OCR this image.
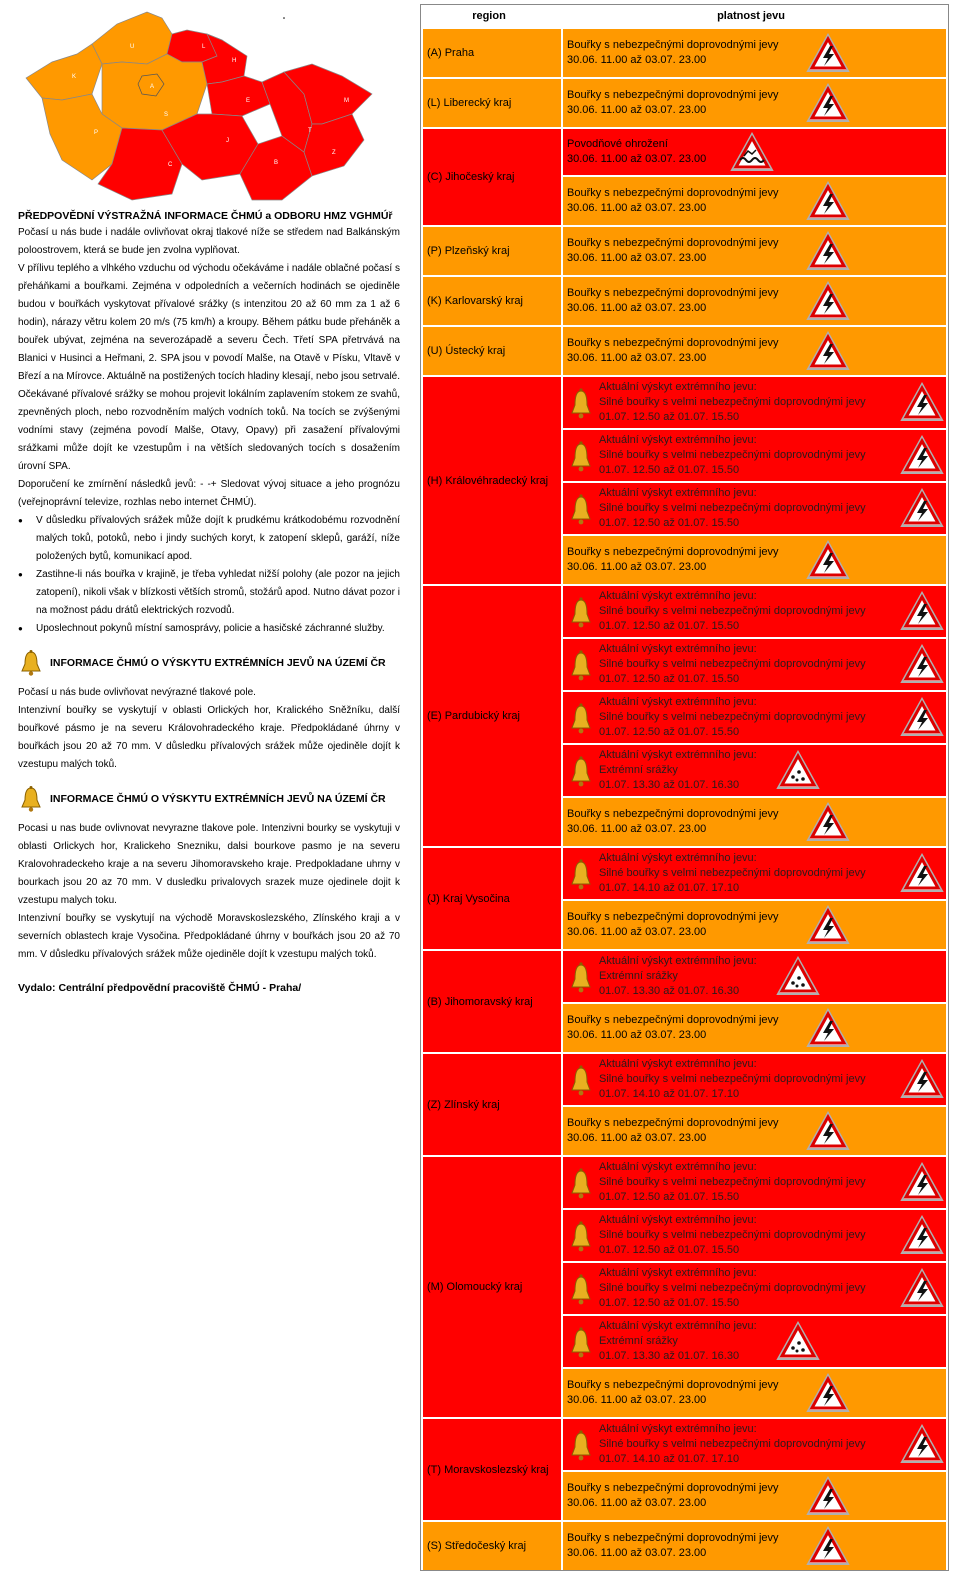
U
K
A
P
S
C
L
H
E
J
B
T
M
Z
PŘEDPOVĚDNÍ VÝSTRAŽNÁ INFORMACE ČHMÚ a ODBORU HMZ VGHMÚř

Počasí u nás bude i nadále ovlivňovat okraj tlakové níže se středem nad Balkánským poloostrovem, která se bude jen zvolna vyplňovat.

V přílivu teplého a vlhkého vzduchu od východu očekáváme i nadále oblačné počasí s přeháňkami a bouřkami. Zejména v odpoledních a večerních hodinách se ojediněle budou v bouřkách vyskytovat přívalové srážky (s intenzitou 20 až 60 mm za 1 až 6 hodin), nárazy větru kolem 20 m/s (75 km/h) a kroupy. Během pátku bude přeháněk a bouřek ubývat, zejména na severozápadě a severu Čech. Třetí SPA přetrvává na Blanici v Husinci a Heřmani, 2. SPA jsou v povodí Malše, na Otavě v Písku, Vltavě v Březí a na Mírovce. Aktuálně na postižených tocích hladiny klesají, nebo jsou setrvalé. Očekávané přívalové srážky se mohou projevit lokálním zaplavením stokem ze svahů, zpevněných ploch, nebo rozvodněním malých vodních toků. Na tocích se zvýšenými vodními stavy (zejména povodí Malše, Otavy, Opavy) při zasažení přívalovými srážkami může dojít ke vzestupům i na větších sledovaných tocích s dosažením úrovní SPA.

Doporučení ke zmírnění následků jevů: - -+ Sledovat vývoj situace a jeho prognózu (veřejnoprávní televize, rozhlas nebo internet ČHMÚ).

●
V důsledku přívalových srážek může dojít k prudkému krátkodobému rozvodnění malých toků, potoků, nebo i jindy suchých koryt, k zatopení sklepů, garáží, níže položených bytů, komunikací apod.
●
Zastihne-li nás bouřka v krajině, je třeba vyhledat nižší polohy (ale pozor na jejich zatopení), nikoli však v blízkosti větších stromů, stožárů apod. Nutno dávat pozor i na možnost pádu drátů elektrických rozvodů.
●
Uposlechnout pokynů místní samosprávy, policie a hasičské záchranné služby.
INFORMACE ČHMÚ O VÝSKYTU EXTRÉMNÍCH JEVŮ NA ÚZEMÍ ČR

Počasí u nás bude ovlivňovat nevýrazné tlakové pole.

Intenzivní bouřky se vyskytují v oblasti Orlických hor, Kralického Sněžníku, další bouřkové pásmo je na severu Královohradeckého kraje. Předpokládané úhrny v bouřkách jsou 20 až 70 mm. V důsledku přívalových srážek může ojediněle dojít k vzestupu malých toků.

INFORMACE ČHMÚ O VÝSKYTU EXTRÉMNÍCH JEVŮ NA ÚZEMÍ ČR

Pocasi u nas bude ovlivnovat nevyrazne tlakove pole. Intenzivni bourky se vyskytuji v oblasti Orlickych hor, Kralickeho Snezniku, dalsi bourkove pasmo je na severu Kralovohradeckeho kraje a na severu Jihomoravskeho kraje. Predpokladane uhrny v bourkach jsou 20 az 70 mm. V dusledku privalovych srazek muze ojedinele dojit k vzestupu malych toku.

Intenzivní bouřky se vyskytují na východě Moravskoslezského, Zlínského kraji a v severních oblastech kraje Vysočina. Předpokládané úhrny v bouřkách jsou 20 až 70 mm. V důsledku přívalových srážek může ojediněle dojít k vzestupu malých toků.

Vydalo: Centrální předpovědní pracoviště ČHMÚ - Praha/
region	platnost jevu
(A) Praha
Bouřky s nebezpečnými doprovodnými jevy
30.06. 11.00 až 03.07. 23.00
(L) Liberecký kraj
Bouřky s nebezpečnými doprovodnými jevy
30.06. 11.00 až 03.07. 23.00
(C) Jihočeský kraj
Povodňové ohrožení
30.06. 11.00 až 03.07. 23.00
Bouřky s nebezpečnými doprovodnými jevy
30.06. 11.00 až 03.07. 23.00
(P) Plzeňský kraj
Bouřky s nebezpečnými doprovodnými jevy
30.06. 11.00 až 03.07. 23.00
(K) Karlovarský kraj
Bouřky s nebezpečnými doprovodnými jevy
30.06. 11.00 až 03.07. 23.00
(U) Ústecký kraj
Bouřky s nebezpečnými doprovodnými jevy
30.06. 11.00 až 03.07. 23.00
(H) Královéhradecký kraj
Aktuální výskyt extrémního jevu:
Silné bouřky s velmi nebezpečnými doprovodnými jevy
01.07. 12.50 až 01.07. 15.50
Aktuální výskyt extrémního jevu:
Silné bouřky s velmi nebezpečnými doprovodnými jevy
01.07. 12.50 až 01.07. 15.50
Aktuální výskyt extrémního jevu:
Silné bouřky s velmi nebezpečnými doprovodnými jevy
01.07. 12.50 až 01.07. 15.50
Bouřky s nebezpečnými doprovodnými jevy
30.06. 11.00 až 03.07. 23.00
(E) Pardubický kraj
Aktuální výskyt extrémního jevu:
Silné bouřky s velmi nebezpečnými doprovodnými jevy
01.07. 12.50 až 01.07. 15.50
Aktuální výskyt extrémního jevu:
Silné bouřky s velmi nebezpečnými doprovodnými jevy
01.07. 12.50 až 01.07. 15.50
Aktuální výskyt extrémního jevu:
Silné bouřky s velmi nebezpečnými doprovodnými jevy
01.07. 12.50 až 01.07. 15.50
Aktuální výskyt extrémního jevu:
Extrémní srážky
01.07. 13.30 až 01.07. 16.30
Bouřky s nebezpečnými doprovodnými jevy
30.06. 11.00 až 03.07. 23.00
(J) Kraj Vysočina
Aktuální výskyt extrémního jevu:
Silné bouřky s velmi nebezpečnými doprovodnými jevy
01.07. 14.10 až 01.07. 17.10
Bouřky s nebezpečnými doprovodnými jevy
30.06. 11.00 až 03.07. 23.00
(B) Jihomoravský kraj
Aktuální výskyt extrémního jevu:
Extrémní srážky
01.07. 13.30 až 01.07. 16.30
Bouřky s nebezpečnými doprovodnými jevy
30.06. 11.00 až 03.07. 23.00
(Z) Zlínský kraj
Aktuální výskyt extrémního jevu:
Silné bouřky s velmi nebezpečnými doprovodnými jevy
01.07. 14.10 až 01.07. 17.10
Bouřky s nebezpečnými doprovodnými jevy
30.06. 11.00 až 03.07. 23.00
(M) Olomoucký kraj
Aktuální výskyt extrémního jevu:
Silné bouřky s velmi nebezpečnými doprovodnými jevy
01.07. 12.50 až 01.07. 15.50
Aktuální výskyt extrémního jevu:
Silné bouřky s velmi nebezpečnými doprovodnými jevy
01.07. 12.50 až 01.07. 15.50
Aktuální výskyt extrémního jevu:
Silné bouřky s velmi nebezpečnými doprovodnými jevy
01.07. 12.50 až 01.07. 15.50
Aktuální výskyt extrémního jevu:
Extrémní srážky
01.07. 13.30 až 01.07. 16.30
Bouřky s nebezpečnými doprovodnými jevy
30.06. 11.00 až 03.07. 23.00
(T) Moravskoslezský kraj
Aktuální výskyt extrémního jevu:
Silné bouřky s velmi nebezpečnými doprovodnými jevy
01.07. 14.10 až 01.07. 17.10
Bouřky s nebezpečnými doprovodnými jevy
30.06. 11.00 až 03.07. 23.00
(S) Středočeský kraj
Bouřky s nebezpečnými doprovodnými jevy
30.06. 11.00 až 03.07. 23.00
